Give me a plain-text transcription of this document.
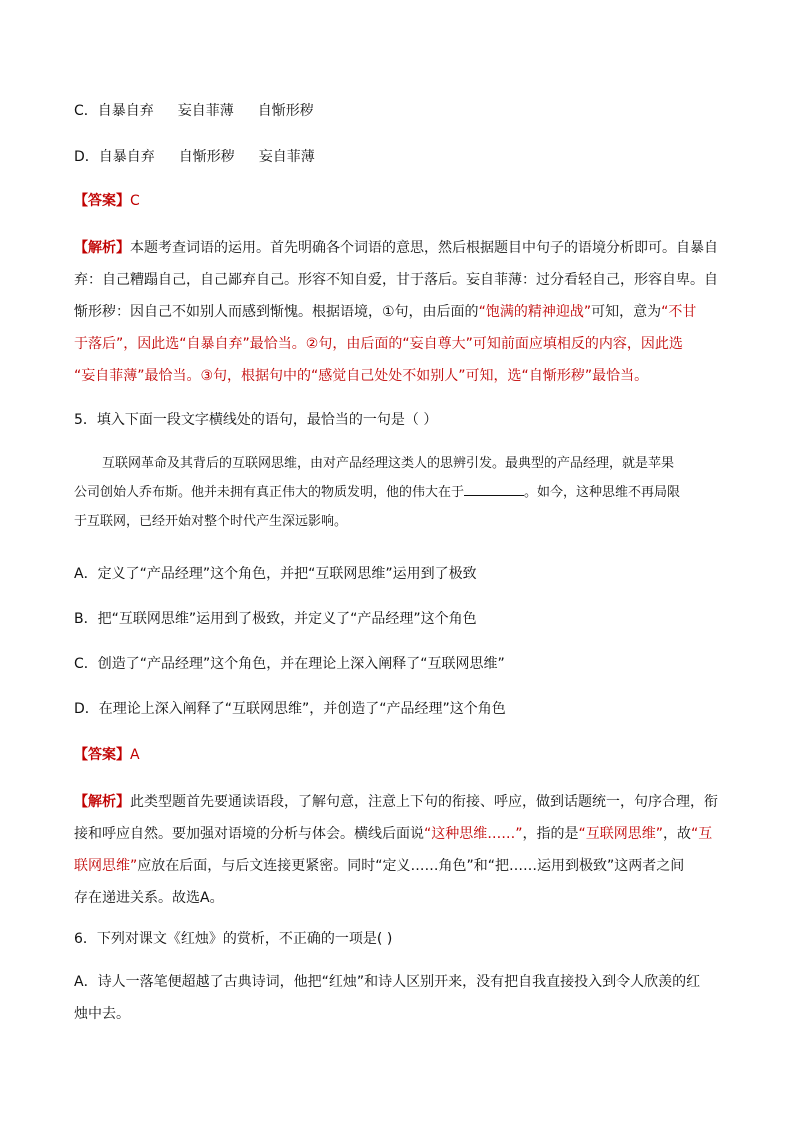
C．自暴自弃 妄自菲薄 自惭形秽
D．自暴自弃 自惭形秽 妄自菲薄
【答案】C
【解析】本题考查词语的运用。首先明确各个词语的意思，然后根据题目中句子的语境分析即可。自暴自
弃：自己糟蹋自己，自己鄙弃自己。形容不知自爱，甘于落后。妄自菲薄：过分看轻自己，形容自卑。自
惭形秽：因自己不如别人而感到惭愧。根据语境，①句，由后面的“饱满的精神迎战”可知，意为“不甘
于落后”，因此选“自暴自弃”最恰当。②句，由后面的“妄自尊大”可知前面应填相反的内容，因此选
“妄自菲薄”最恰当。③句，根据句中的“感觉自己处处不如别人”可知，选“自惭形秽”最恰当。
5．填入下面一段文字横线处的语句，最恰当的一句是（ ）
互联网革命及其背后的互联网思维，由对产品经理这类人的思辨引发。最典型的产品经理，就是苹果
公司创始人乔布斯。他并未拥有真正伟大的物质发明，他的伟大在于	。如今，这种思维不再局限
于互联网，已经开始对整个时代产生深远影响。
A．定义了“产品经理”这个角色，并把“互联网思维”运用到了极致
B．把“互联网思维”运用到了极致，并定义了“产品经理”这个角色
C．创造了“产品经理”这个角色，并在理论上深入阐释了“互联网思维”
D．在理论上深入阐释了“互联网思维”，并创造了“产品经理”这个角色
【答案】A
【解析】此类型题首先要通读语段，了解句意，注意上下句的衔接、呼应，做到话题统一，句序合理，衔
接和呼应自然。要加强对语境的分析与体会。横线后面说“这种思维……”，指的是“互联网思维”，故“互
联网思维”应放在后面，与后文连接更紧密。同时“定义……角色”和“把……运用到极致”这两者之间
存在递进关系。故选A。
6．下列对课文《红烛》的赏析，不正确的一项是( )
A．诗人一落笔便超越了古典诗词，他把“红烛”和诗人区别开来，没有把自我直接投入到令人欣羡的红
烛中去。
